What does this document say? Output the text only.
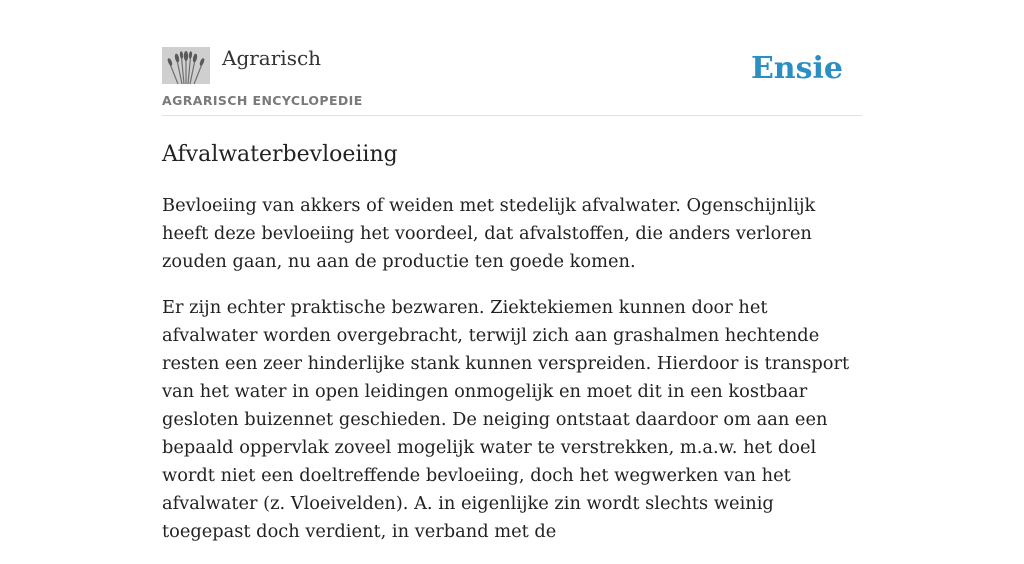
Agrarisch
AGRARISCH ENCYCLOPEDIE
Ensie
Afvalwaterbevloeiing

Bevloeiing van akkers of weiden met stedelijk afvalwater. Ogenschijnlijk heeft deze bevloeiing het voordeel, dat afvalstoffen, die anders verloren zouden gaan, nu aan de productie ten goede komen.

Er zijn echter praktische bezwaren. Ziektekiemen kunnen door het afvalwater worden overgebracht, terwijl zich aan grashalmen hechtende resten een zeer hinderlijke stank kunnen verspreiden. Hierdoor is transport van het water in open leidingen onmogelijk en moet dit in een kostbaar gesloten buizennet geschieden. De neiging ontstaat daardoor om aan een bepaald oppervlak zoveel mogelijk water te verstrekken, m.a.w. het doel wordt niet een doeltreffende bevloeiing, doch het wegwerken van het afvalwater (z. Vloeivelden). A. in eigenlijke zin wordt slechts weinig toegepast doch verdient, in verband met de
